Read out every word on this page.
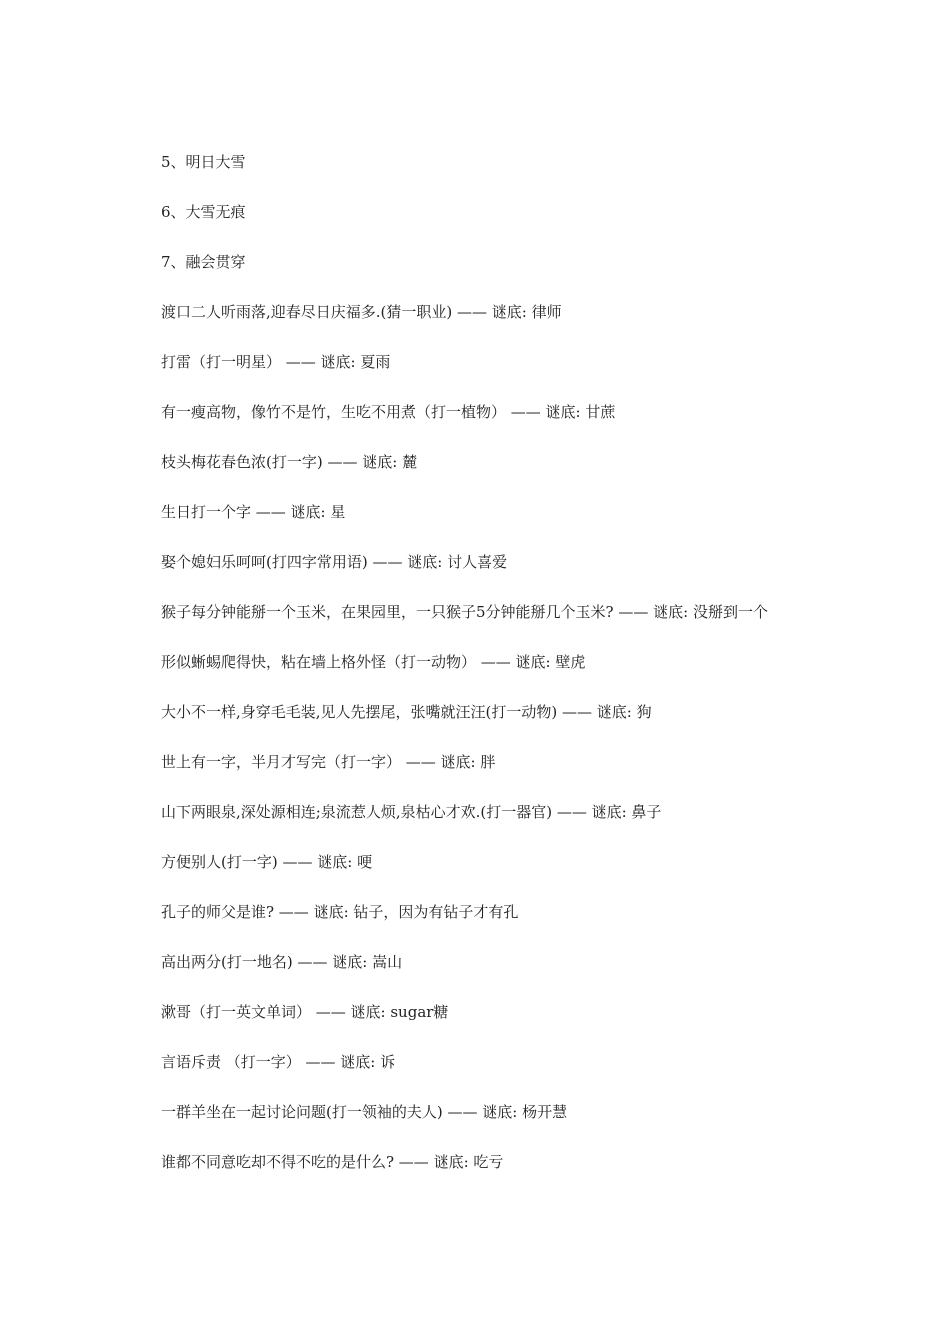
5、明日大雪

6、大雪无痕

7、融会贯穿

渡口二人听雨落,迎春尽日庆福多.(猜一职业) —— 谜底: 律师

打雷（打一明星） —— 谜底: 夏雨

有一瘦高物，像竹不是竹，生吃不用煮（打一植物） —— 谜底: 甘蔗

枝头梅花春色浓(打一字) —— 谜底: 麓

生日打一个字 —— 谜底: 星

娶个媳妇乐呵呵(打四字常用语) —— 谜底: 讨人喜爱

猴子每分钟能掰一个玉米，在果园里，一只猴子5分钟能掰几个玉米? —— 谜底: 没掰到一个

形似蜥蜴爬得快，粘在墙上格外怪（打一动物） —— 谜底: 壁虎

大小不一样,身穿毛毛装,见人先摆尾，张嘴就汪汪(打一动物) —— 谜底: 狗

世上有一字，半月才写完（打一字） —— 谜底: 胖

山下两眼泉,深处源相连;泉流惹人烦,泉枯心才欢.(打一器官) —— 谜底: 鼻子

方便别人(打一字) —— 谜底: 哽

孔子的师父是谁? —— 谜底: 钻子，因为有钻子才有孔

高出两分(打一地名) —— 谜底: 嵩山

漱哥（打一英文单词） —— 谜底: sugar糖

言语斥责 （打一字） —— 谜底: 诉

一群羊坐在一起讨论问题(打一领袖的夫人) —— 谜底: 杨开慧

谁都不同意吃却不得不吃的是什么? —— 谜底: 吃亏
